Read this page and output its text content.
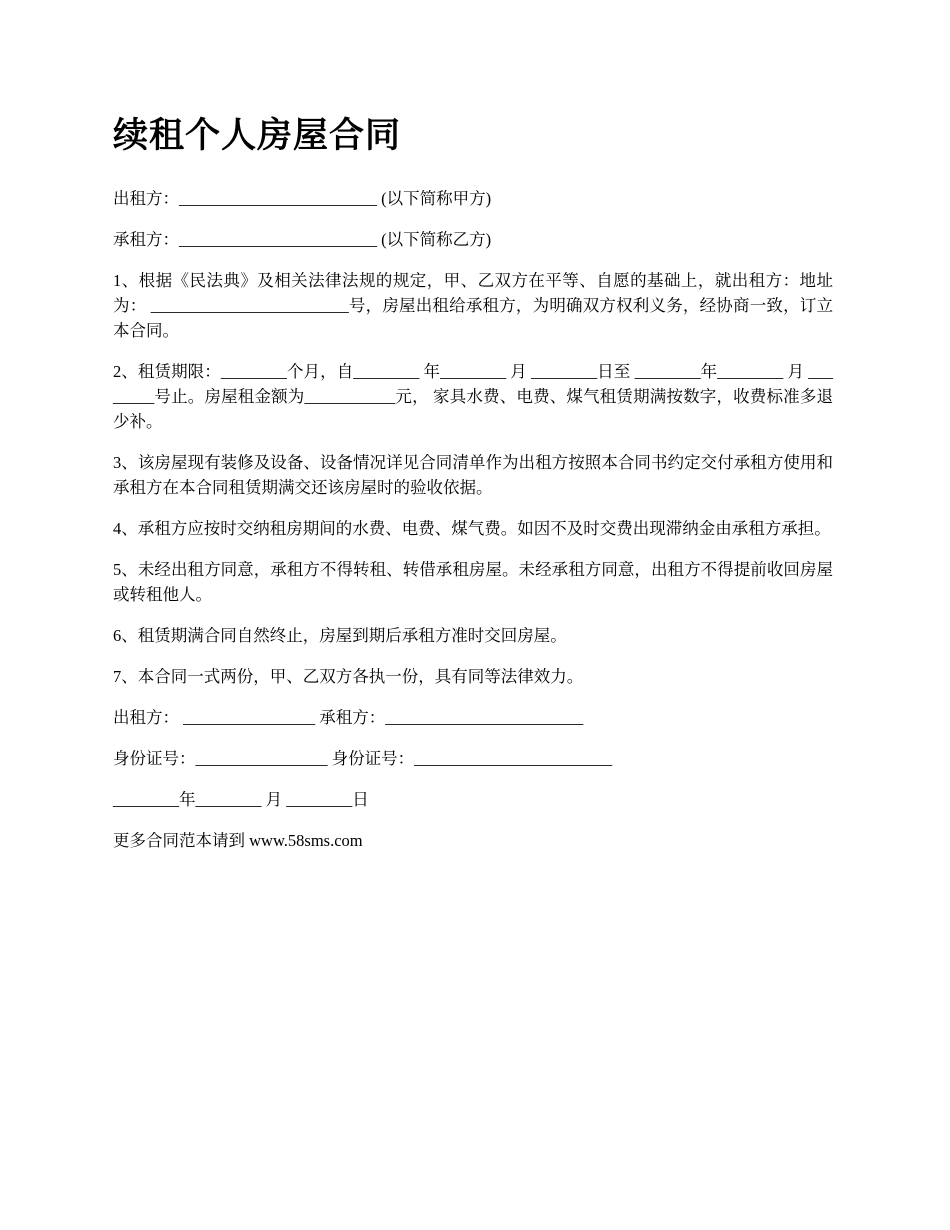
续租个人房屋合同

出租方：________________________ (以下简称甲方)

承租方：________________________ (以下简称乙方)

1、根据《民法典》及相关法律法规的规定，甲、乙双方在平等、自愿的基础上，就出租方：地址为： ________________________号，房屋出租给承租方，为明确双方权利义务，经协商一致，订立本合同。

2、租赁期限：________个月，自________ 年________ 月 ________日至 ________年________ 月 ________号止。房屋租金额为___________元， 家具水费、电费、煤气租赁期满按数字，收费标准多退少补。

3、该房屋现有装修及设备、设备情况详见合同清单作为出租方按照本合同书约定交付承租方使用和承租方在本合同租赁期满交还该房屋时的验收依据。

4、承租方应按时交纳租房期间的水费、电费、煤气费。如因不及时交费出现滞纳金由承租方承担。

5、未经出租方同意，承租方不得转租、转借承租房屋。未经承租方同意，出租方不得提前收回房屋或转租他人。

6、租赁期满合同自然终止，房屋到期后承租方准时交回房屋。

7、本合同一式两份，甲、乙双方各执一份，具有同等法律效力。

出租方： ________________ 承租方：________________________

身份证号：________________ 身份证号：________________________

________年________ 月 ________日

更多合同范本请到 www.58sms.com
